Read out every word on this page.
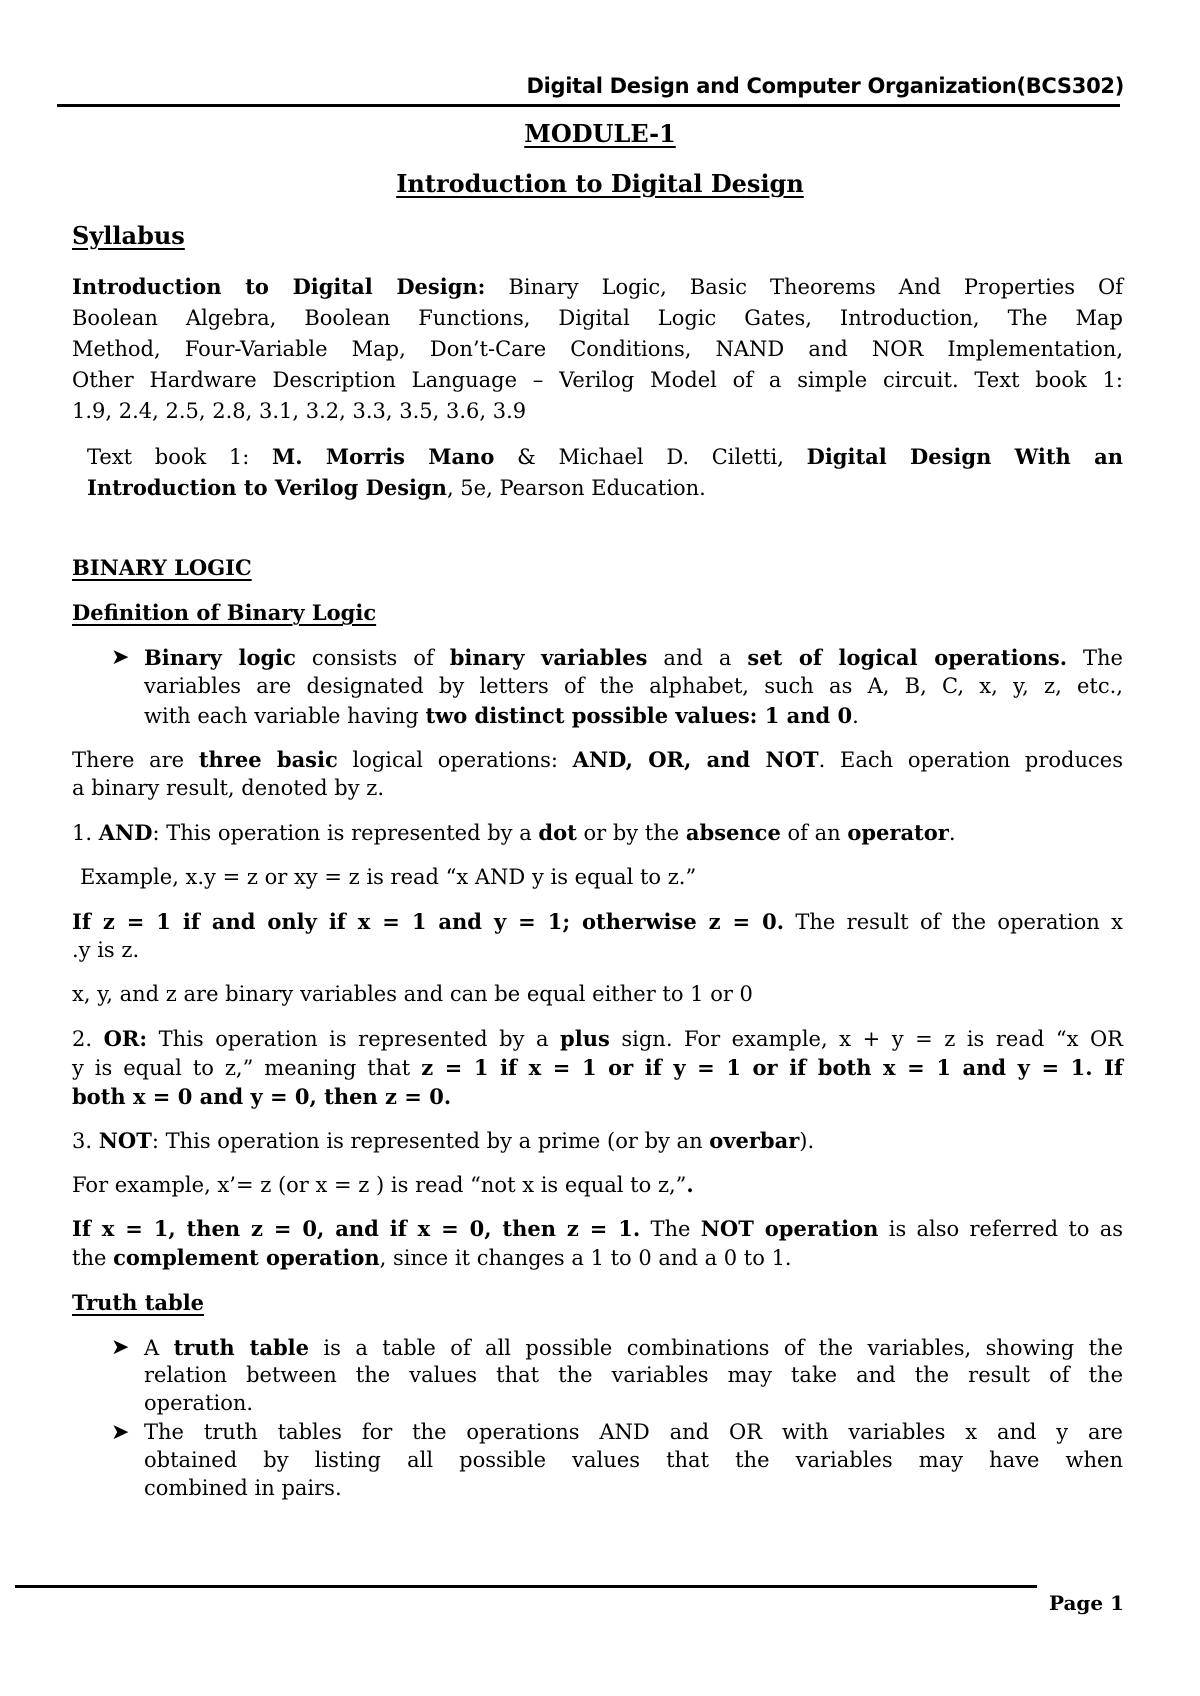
Digital Design and Computer Organization(BCS302)
MODULE-1
Introduction to Digital Design
Syllabus
Introduction to Digital Design: Binary Logic, Basic Theorems And Properties Of
Boolean Algebra, Boolean Functions, Digital Logic Gates, Introduction, The Map
Method, Four-Variable Map, Don’t-Care Conditions, NAND and NOR Implementation,
Other Hardware Description Language – Verilog Model of a simple circuit. Text book 1:
1.9, 2.4, 2.5, 2.8, 3.1, 3.2, 3.3, 3.5, 3.6, 3.9
Text book 1: M. Morris Mano & Michael D. Ciletti, Digital Design With an
Introduction to Verilog Design, 5e, Pearson Education.
BINARY LOGIC
Definition of Binary Logic
➤ Binary logic consists of binary variables and a set of logical operations. The
variables are designated by letters of the alphabet, such as A, B, C, x, y, z, etc.,
with each variable having two distinct possible values: 1 and 0.
There are three basic logical operations: AND, OR, and NOT. Each operation produces
a binary result, denoted by z.
1. AND: This operation is represented by a dot or by the absence of an operator.
Example, x.y = z or xy = z is read “x AND y is equal to z.”
If z = 1 if and only if x = 1 and y = 1; otherwise z = 0. The result of the operation x
.y is z.
x, y, and z are binary variables and can be equal either to 1 or 0
2. OR: This operation is represented by a plus sign. For example, x + y = z is read “x OR
y is equal to z,” meaning that z = 1 if x = 1 or if y = 1 or if both x = 1 and y = 1. If
both x = 0 and y = 0, then z = 0.
3. NOT: This operation is represented by a prime (or by an overbar).
For example, x’= z (or x = z ) is read “not x is equal to z,”.
If x = 1, then z = 0, and if x = 0, then z = 1. The NOT operation is also referred to as
the complement operation, since it changes a 1 to 0 and a 0 to 1.
Truth table
➤ A truth table is a table of all possible combinations of the variables, showing the
relation between the values that the variables may take and the result of the
operation.
➤ The truth tables for the operations AND and OR with variables x and y are
obtained by listing all possible values that the variables may have when
combined in pairs.
Page 1
